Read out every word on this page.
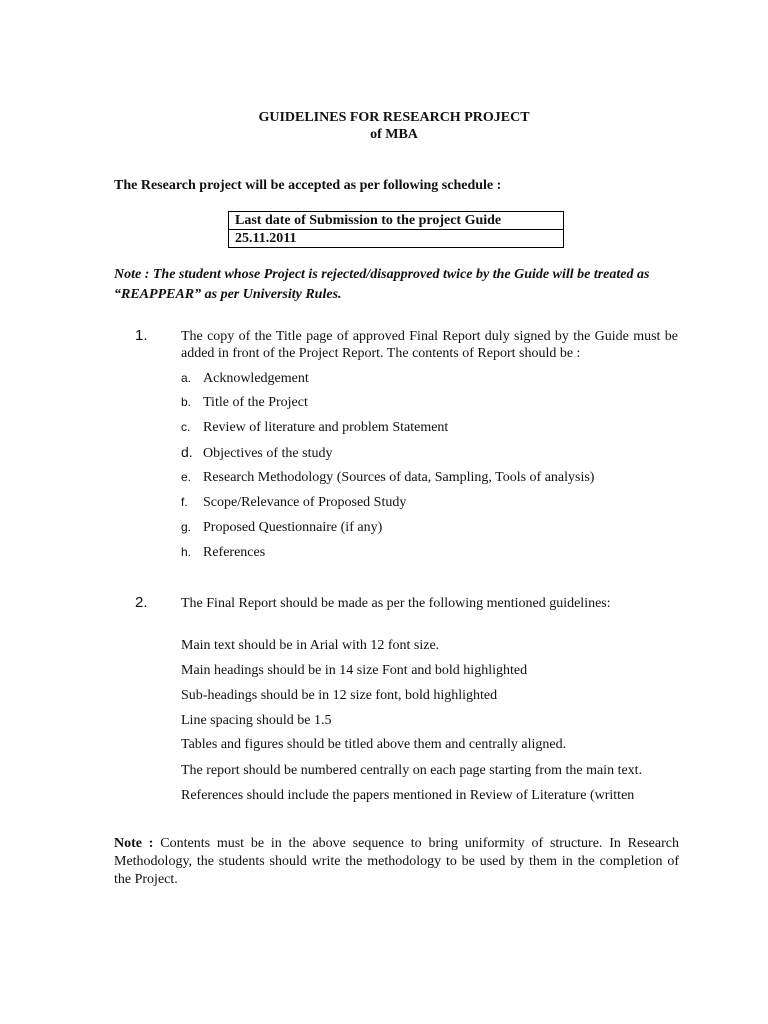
GUIDELINES FOR RESEARCH PROJECT
of MBA
The Research project will be accepted as per following schedule :
Last date of Submission to the project Guide
25.11.2011
Note : The student whose Project is rejected/disapproved twice by the Guide will be treated as “REAPPEAR” as per University Rules.
1. The copy of the Title page of approved Final Report duly signed by the Guide must be added in front of the Project Report. The contents of Report should be :
a. Acknowledgement
b. Title of the Project
c. Review of literature and problem Statement
d. Objectives of the study
e. Research Methodology (Sources of data, Sampling, Tools of analysis)
f. Scope/Relevance of Proposed Study
g. Proposed Questionnaire (if any)
h. References
2. The Final Report should be made as per the following mentioned guidelines:
Main text should be in Arial with 12 font size.
Main headings should be in 14 size Font and bold highlighted
Sub-headings should be in 12 size font, bold highlighted
Line spacing should be 1.5
Tables and figures should be titled above them and centrally aligned.
The report should be numbered centrally on each page starting from the main text.
References should include the papers mentioned in Review of Literature (written
Note : Contents must be in the above sequence to bring uniformity of structure. In Research Methodology, the students should write the methodology to be used by them in the completion of the Project.
